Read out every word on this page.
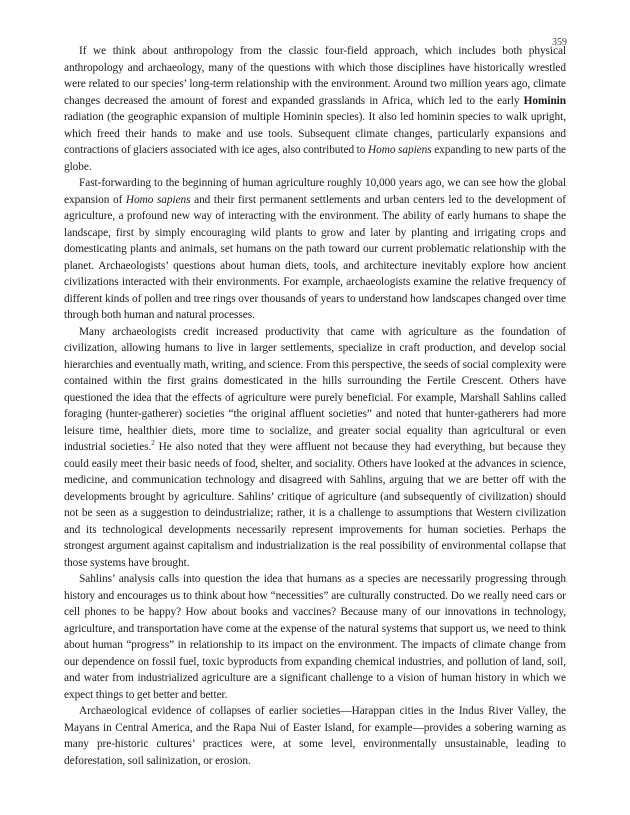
359

If we think about anthropology from the classic four-field approach, which includes both physical anthropology and archaeology, many of the questions with which those disciplines have historically wrestled were related to our species’ long-term relationship with the environment. Around two million years ago, climate changes decreased the amount of forest and expanded grasslands in Africa, which led to the early Hominin radiation (the geographic expansion of multiple Hominin species). It also led hominin species to walk upright, which freed their hands to make and use tools. Subsequent climate changes, particularly expansions and contractions of glaciers associated with ice ages, also contributed to Homo sapiens expanding to new parts of the globe.

Fast-forwarding to the beginning of human agriculture roughly 10,000 years ago, we can see how the global expansion of Homo sapiens and their first permanent settlements and urban centers led to the development of agriculture, a profound new way of interacting with the environment. The ability of early humans to shape the landscape, first by simply encouraging wild plants to grow and later by planting and irrigating crops and domesticating plants and animals, set humans on the path toward our current problematic relationship with the planet. Archaeologists’ questions about human diets, tools, and architecture inevitably explore how ancient civilizations interacted with their environments. For example, archaeologists examine the relative frequency of different kinds of pollen and tree rings over thousands of years to understand how landscapes changed over time through both human and natural processes.

Many archaeologists credit increased productivity that came with agriculture as the foundation of civilization, allowing humans to live in larger settlements, specialize in craft production, and develop social hierarchies and eventually math, writing, and science. From this perspective, the seeds of social complexity were contained within the first grains domesticated in the hills surrounding the Fertile Crescent. Others have questioned the idea that the effects of agriculture were purely beneficial. For example, Marshall Sahlins called foraging (hunter-gatherer) societies “the original affluent societies” and noted that hunter-gatherers had more leisure time, healthier diets, more time to socialize, and greater social equality than agricultural or even industrial societies.$^2$ He also noted that they were affluent not because they had everything, but because they could easily meet their basic needs of food, shelter, and sociality. Others have looked at the advances in science, medicine, and communication technology and disagreed with Sahlins, arguing that we are better off with the developments brought by agriculture. Sahlins’ critique of agriculture (and subsequently of civilization) should not be seen as a suggestion to deindustrialize; rather, it is a challenge to assumptions that Western civilization and its technological developments necessarily represent improvements for human societies. Perhaps the strongest argument against capitalism and industrialization is the real possibility of environmental collapse that those systems have brought.

Sahlins’ analysis calls into question the idea that humans as a species are necessarily progressing through history and encourages us to think about how “necessities” are culturally constructed. Do we really need cars or cell phones to be happy? How about books and vaccines? Because many of our innovations in technology, agriculture, and transportation have come at the expense of the natural systems that support us, we need to think about human “progress” in relationship to its impact on the environment. The impacts of climate change from our dependence on fossil fuel, toxic byproducts from expanding chemical industries, and pollution of land, soil, and water from industrialized agriculture are a significant challenge to a vision of human history in which we expect things to get better and better.

Archaeological evidence of collapses of earlier societies—Harappan cities in the Indus River Valley, the Mayans in Central America, and the Rapa Nui of Easter Island, for example—provides a sobering warning as many pre-historic cultures’ practices were, at some level, environmentally unsustainable, leading to deforestation, soil salinization, or erosion.
